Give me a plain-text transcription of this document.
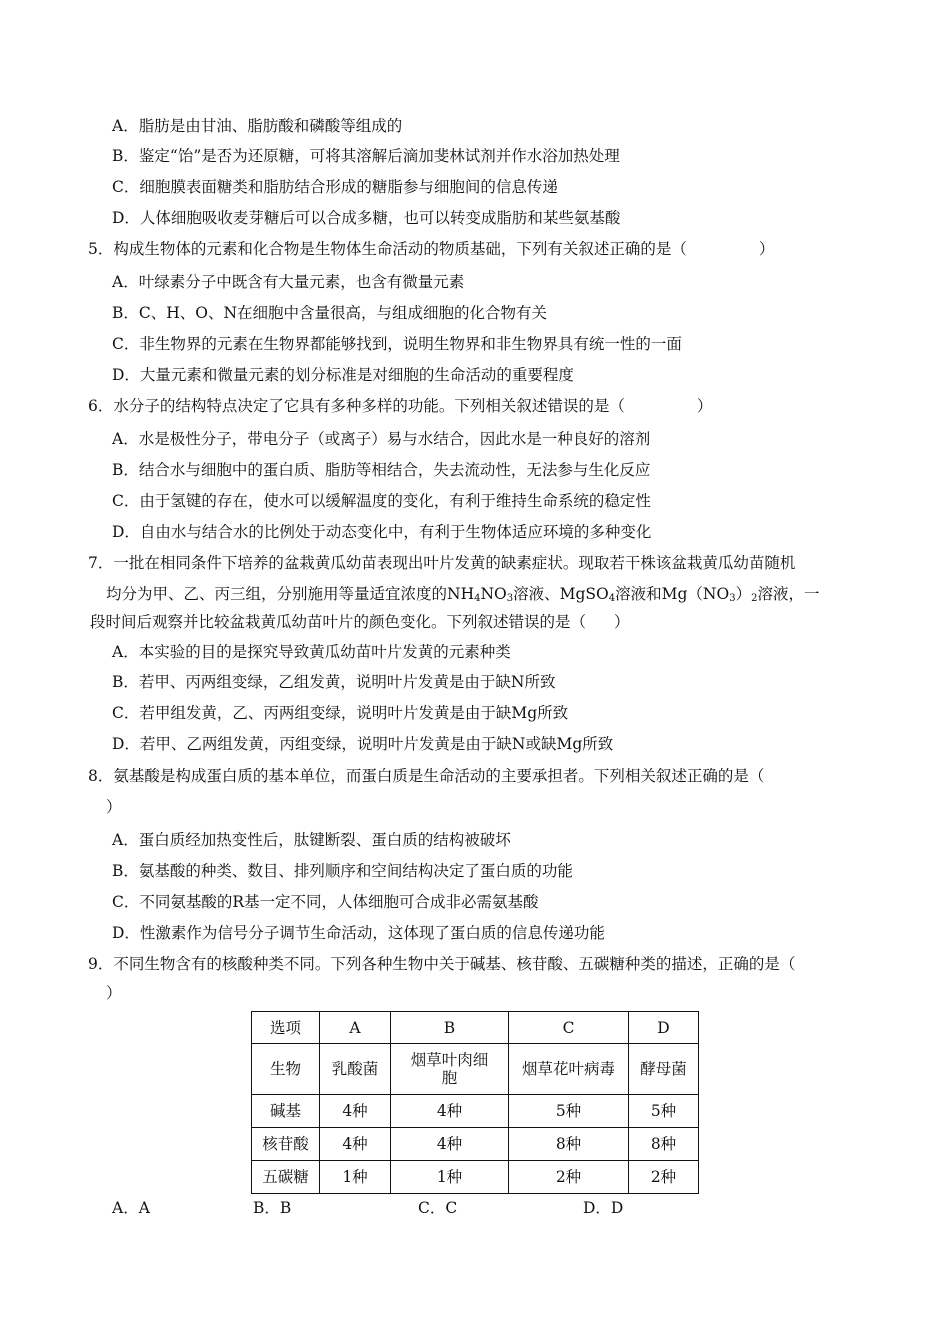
A．脂肪是由甘油、脂肪酸和磷酸等组成的
B．鉴定“饴”是否为还原糖，可将其溶解后滴加斐林试剂并作水浴加热处理
C．细胞膜表面糖类和脂肪结合形成的糖脂参与细胞间的信息传递
D．人体细胞吸收麦芽糖后可以合成多糖，也可以转变成脂肪和某些氨基酸
5．构成生物体的元素和化合物是生物体生命活动的物质基础，下列有关叙述正确的是（	）
A．叶绿素分子中既含有大量元素，也含有微量元素
B．C、H、O、N在细胞中含量很高，与组成细胞的化合物有关
C．非生物界的元素在生物界都能够找到，说明生物界和非生物界具有统一性的一面
D．大量元素和微量元素的划分标准是对细胞的生命活动的重要程度
6．水分子的结构特点决定了它具有多种多样的功能。下列相关叙述错误的是（	）
A．水是极性分子，带电分子（或离子）易与水结合，因此水是一种良好的溶剂
B．结合水与细胞中的蛋白质、脂肪等相结合，失去流动性，无法参与生化反应
C．由于氢键的存在，使水可以缓解温度的变化，有利于维持生命系统的稳定性
D．自由水与结合水的比例处于动态变化中，有利于生物体适应环境的多种变化
7．一批在相同条件下培养的盆栽黄瓜幼苗表现出叶片发黄的缺素症状。现取若干株该盆栽黄瓜幼苗随机
均分为甲、乙、丙三组，分别施用等量适宜浓度的$NH_4NO_3$溶液、MgSO$_4$溶液和$Mg(NO_3)_2$溶液，一
段时间后观察并比较盆栽黄瓜幼苗叶片的颜色变化。下列叙述错误的是（ ）
A．本实验的目的是探究导致黄瓜幼苗叶片发黄的元素种类
B．若甲、丙两组变绿，乙组发黄，说明叶片发黄是由于缺N所致
C．若甲组发黄，乙、丙两组变绿，说明叶片发黄是由于缺Mg所致
D．若甲、乙两组发黄，丙组变绿，说明叶片发黄是由于缺N或缺Mg所致
8．氨基酸是构成蛋白质的基本单位，而蛋白质是生命活动的主要承担者。下列相关叙述正确的是（
）
A．蛋白质经加热变性后，肽键断裂、蛋白质的结构被破坏
B．氨基酸的种类、数目、排列顺序和空间结构决定了蛋白质的功能
C．不同氨基酸的R基一定不同，人体细胞可合成非必需氨基酸
D．性激素作为信号分子调节生命活动，这体现了蛋白质的信息传递功能
9．不同生物含有的核酸种类不同。下列各种生物中关于碱基、核苷酸、五碳糖种类的描述，正确的是（
）
选项	A	B	C	D
生物	乳酸菌	烟草叶肉细胞	烟草花叶病毒	酵母菌
碱基	4种	4种	5种	5种
核苷酸	4种	4种	8种	8种
五碳糖	1种	1种	2种	2种
A．A	B．B	C．C	D．D
